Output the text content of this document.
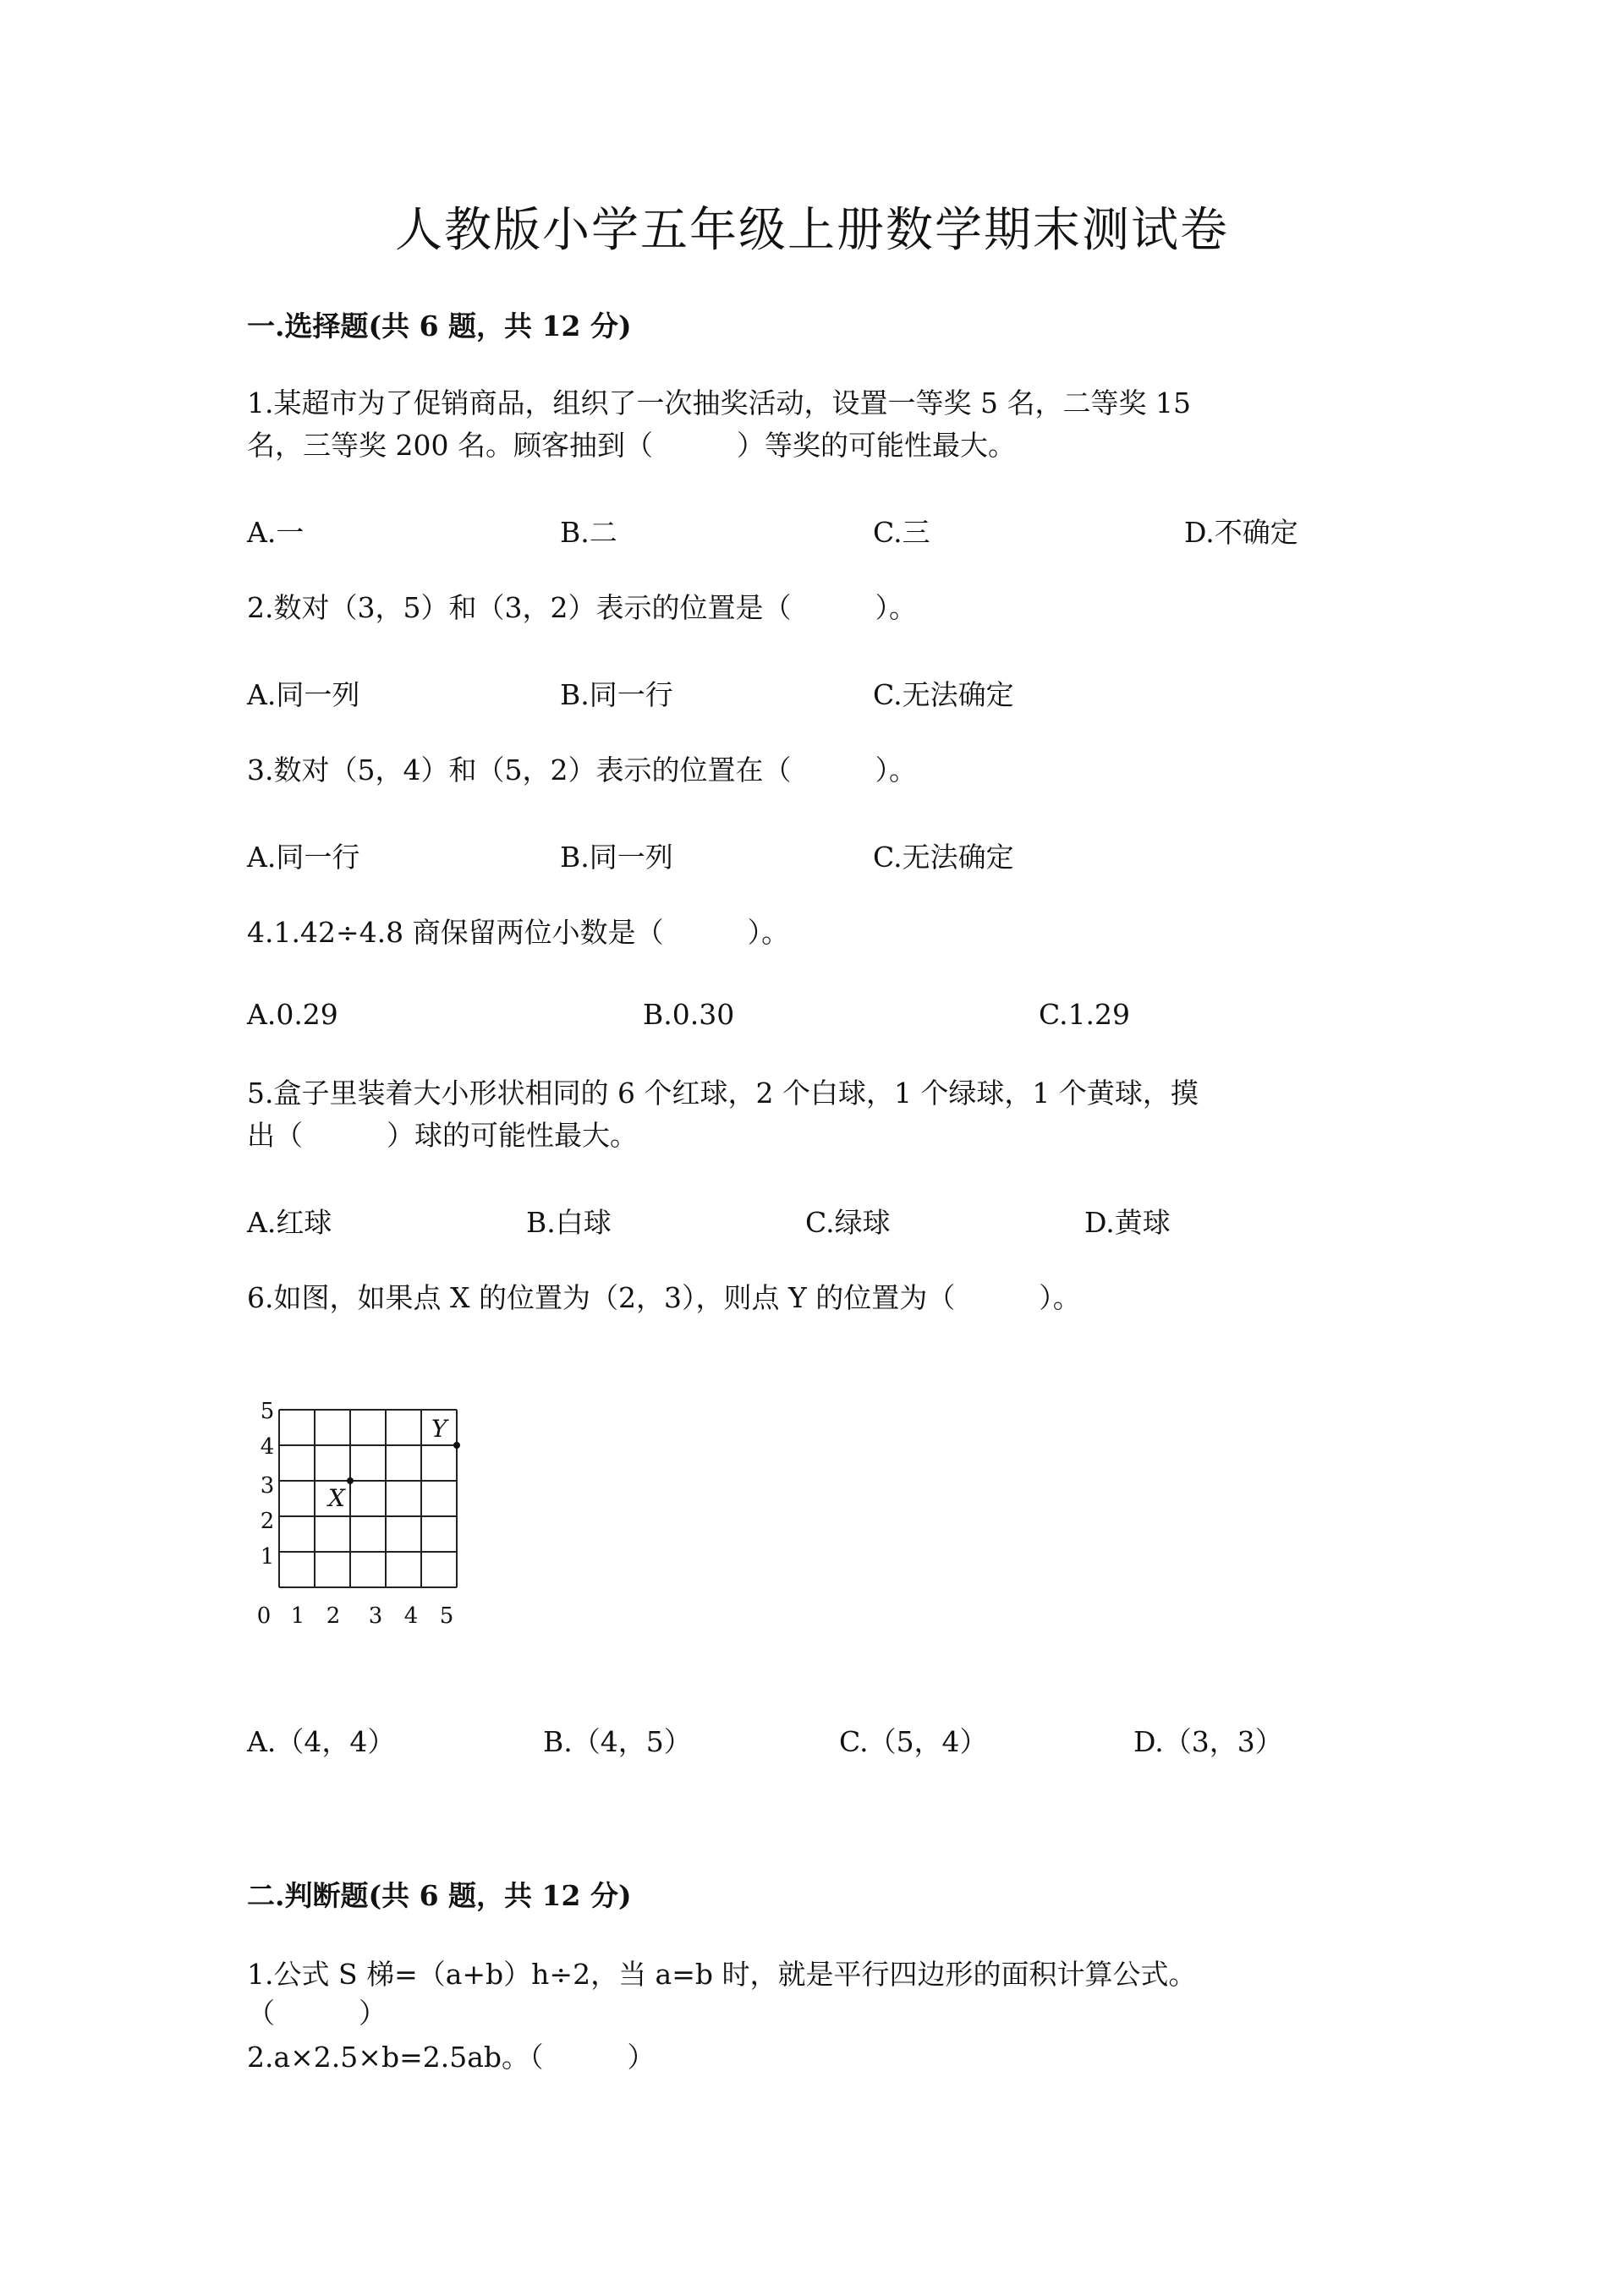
人教版小学五年级上册数学期末测试卷
一.选择题(共 6 题，共 12 分)
1.某超市为了促销商品，组织了一次抽奖活动，设置一等奖 5 名，二等奖 15
名，三等奖 200 名。顾客抽到（　　　）等奖的可能性最大。
A.一	B.二	C.三	D.不确定
2.数对（3，5）和（3，2）表示的位置是（　　　）。
A.同一列	B.同一行	C.无法确定
3.数对（5，4）和（5，2）表示的位置在（　　　）。
A.同一行	B.同一列	C.无法确定
4.1.42÷4.8 商保留两位小数是（　　　）。
A.0.29	B.0.30	C.1.29
5.盒子里装着大小形状相同的 6 个红球，2 个白球，1 个绿球，1 个黄球，摸
出（　　　）球的可能性最大。
A.红球	B.白球	C.绿球	D.黄球
6.如图，如果点 X 的位置为（2，3），则点 Y 的位置为（　　　）。
0 1 2 3 4 5
1
2
3
4
5
X
Y
A.（4，4）	B.（4，5）	C.（5，4）	D.（3，3）
二.判断题(共 6 题，共 12 分)
1.公式 S 梯=（a+b）h÷2，当 a=b 时，就是平行四边形的面积计算公式。
（　　　）
2.a×2.5×b=2.5ab。（　　　）
